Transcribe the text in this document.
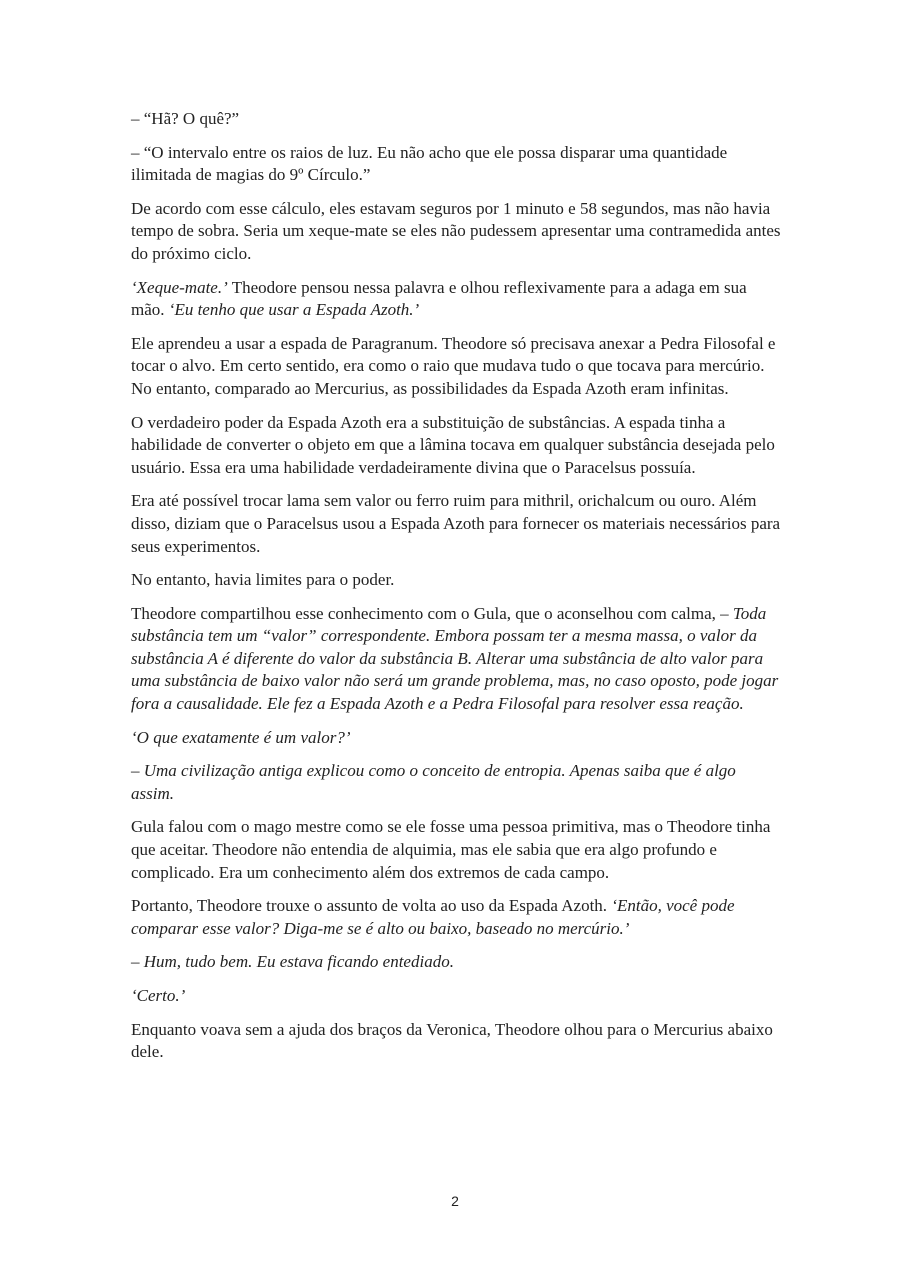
– “Hã? O quê?”

– “O intervalo entre os raios de luz. Eu não acho que ele possa disparar uma quantidade ilimitada de magias do 9º Círculo.”

De acordo com esse cálculo, eles estavam seguros por 1 minuto e 58 segundos, mas não havia tempo de sobra. Seria um xeque-mate se eles não pudessem apresentar uma contramedida antes do próximo ciclo.

‘Xeque-mate.’ Theodore pensou nessa palavra e olhou reflexivamente para a adaga em sua mão. ‘Eu tenho que usar a Espada Azoth.’

Ele aprendeu a usar a espada de Paragranum. Theodore só precisava anexar a Pedra Filosofal e tocar o alvo. Em certo sentido, era como o raio que mudava tudo o que tocava para mercúrio. No entanto, comparado ao Mercurius, as possibilidades da Espada Azoth eram infinitas.

O verdadeiro poder da Espada Azoth era a substituição de substâncias. A espada tinha a habilidade de converter o objeto em que a lâmina tocava em qualquer substância desejada pelo usuário. Essa era uma habilidade verdadeiramente divina que o Paracelsus possuía.

Era até possível trocar lama sem valor ou ferro ruim para mithril, orichalcum ou ouro. Além disso, diziam que o Paracelsus usou a Espada Azoth para fornecer os materiais necessários para seus experimentos.

No entanto, havia limites para o poder.

Theodore compartilhou esse conhecimento com o Gula, que o aconselhou com calma, – Toda substância tem um “valor” correspondente. Embora possam ter a mesma massa, o valor da substância A é diferente do valor da substância B. Alterar uma substância de alto valor para uma substância de baixo valor não será um grande problema, mas, no caso oposto, pode jogar fora a causalidade. Ele fez a Espada Azoth e a Pedra Filosofal para resolver essa reação.

‘O que exatamente é um valor?’

– Uma civilização antiga explicou como o conceito de entropia. Apenas saiba que é algo assim.

Gula falou com o mago mestre como se ele fosse uma pessoa primitiva, mas o Theodore tinha que aceitar. Theodore não entendia de alquimia, mas ele sabia que era algo profundo e complicado. Era um conhecimento além dos extremos de cada campo.

Portanto, Theodore trouxe o assunto de volta ao uso da Espada Azoth. ‘Então, você pode comparar esse valor? Diga-me se é alto ou baixo, baseado no mercúrio.’

– Hum, tudo bem. Eu estava ficando entediado.

‘Certo.’

Enquanto voava sem a ajuda dos braços da Veronica, Theodore olhou para o Mercurius abaixo dele.

2
